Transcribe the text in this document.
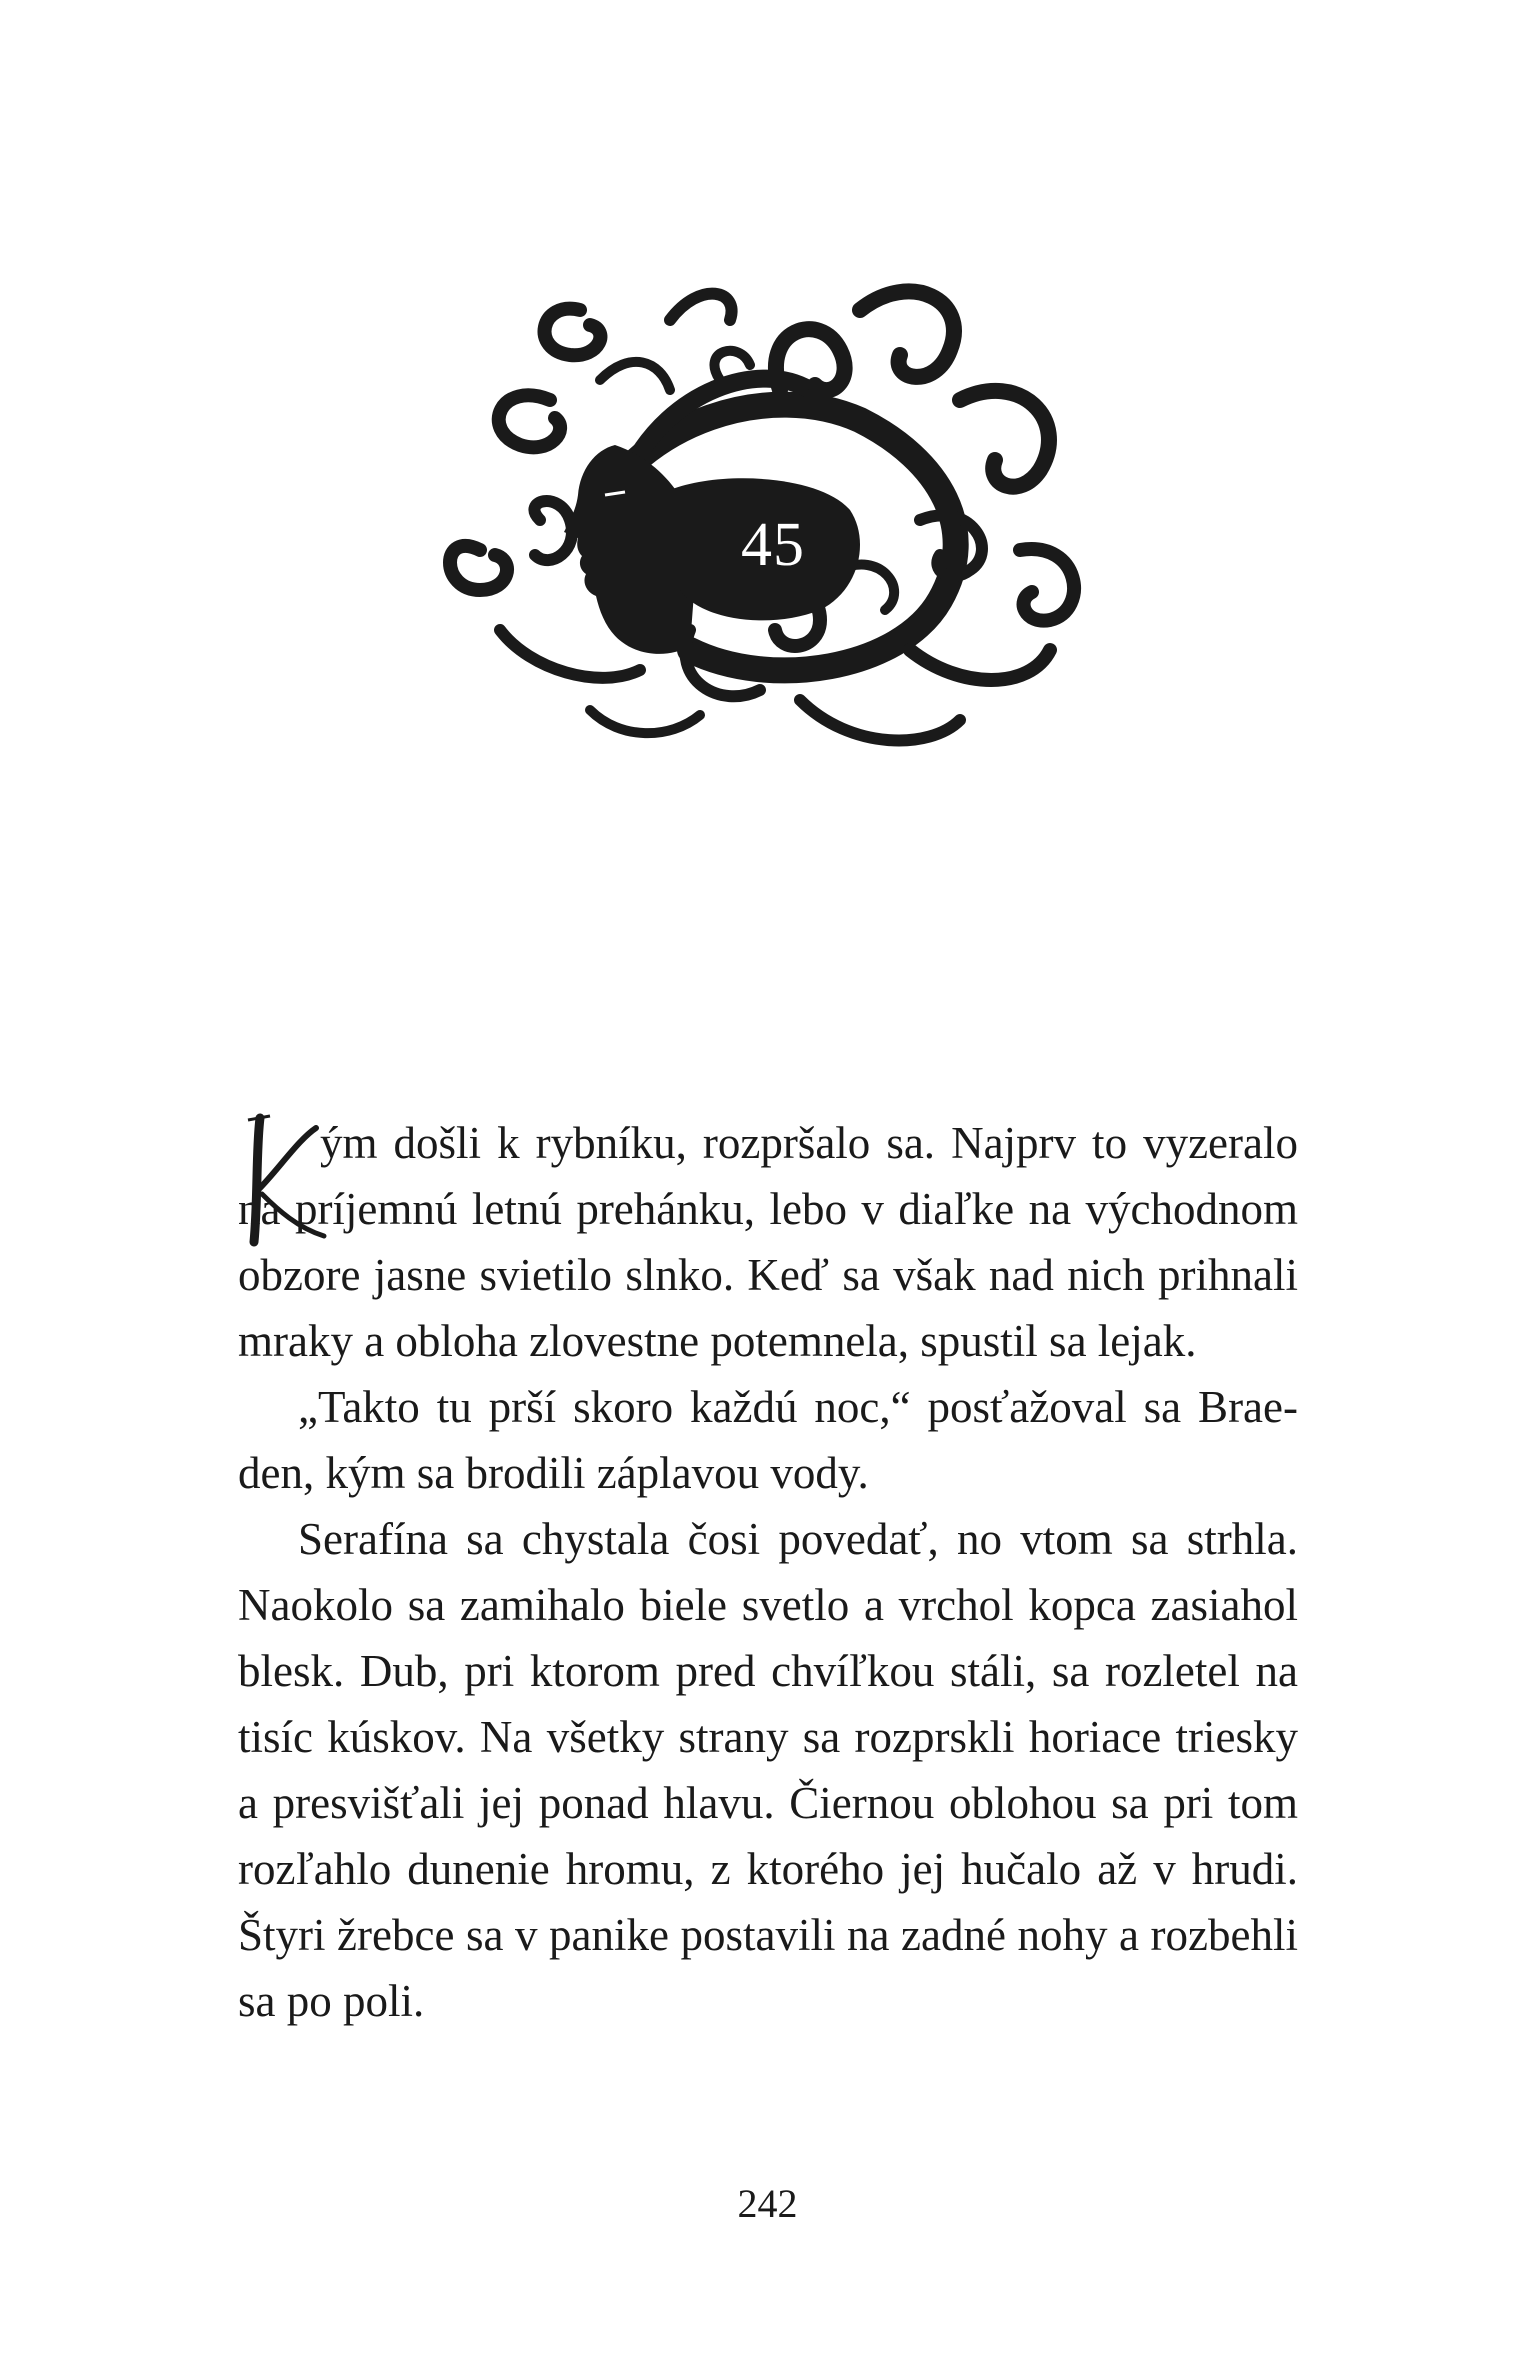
45

ým došli k rybníku, rozpršalo sa. Najprv to vyzeralo na príjemnú letnú prehánku, lebo v diaľke na východnom obzore jasne svietilo slnko. Keď sa však nad nich prihnali mraky a obloha zlovestne potemnela, spustil sa lejak.

„Takto tu prší skoro každú noc,“ posťažoval sa Braeden, kým sa brodili záplavou vody.

Serafína sa chystala čosi povedať, no vtom sa strhla. Naokolo sa zamihalo biele svetlo a vrchol kopca zasiahol blesk. Dub, pri ktorom pred chvíľkou stáli, sa rozletel na tisíc kúskov. Na všetky strany sa rozprskli horiace triesky a presvišťali jej ponad hlavu. Čiernou oblohou sa pri tom rozľahlo dunenie hromu, z ktorého jej hučalo až v hrudi. Štyri žrebce sa v panike postavili na zadné nohy a rozbehli sa po poli.

242
